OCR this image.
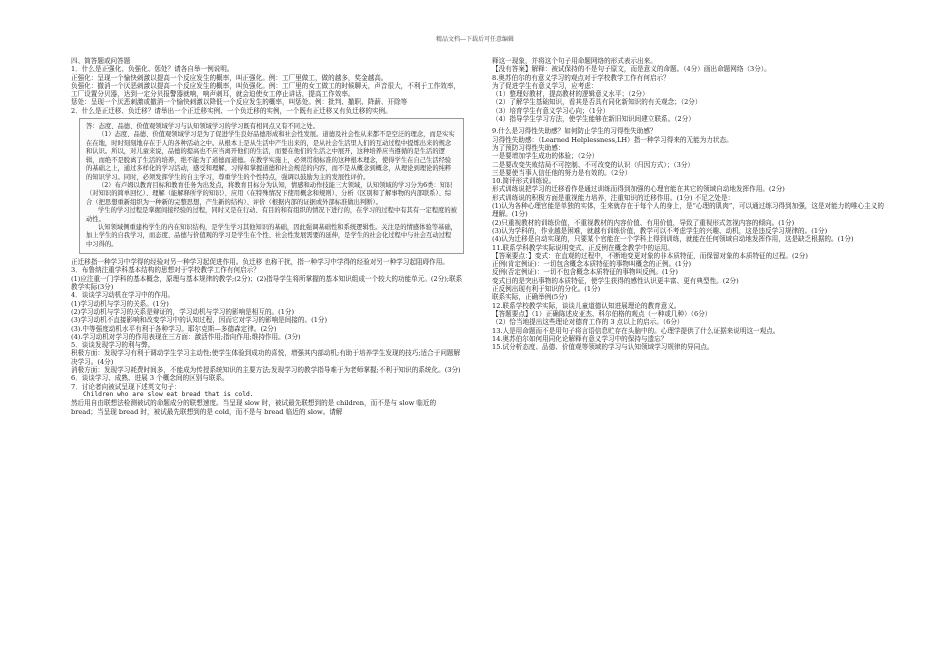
精品文档---下载后可任意编辑

四、简答题或问答题

1．什么是正强化、负强化、惩处？请各自举一例说明。

正强化：呈现一个愉快刺激以提高一个反应发生的概率，叫正强化。例：工厂里做工，做的越多，奖金越高。

负强化：撤消一个厌恶刺激以提高一个反应发生的概率，叫负强化。例：工厂里的女工做工的时候聊天，声音很大，不利于工作效率，工厂设置分贝器，达到一定分贝报警器就响，响声刺耳，就会迫使女工停止讲话，提高工作效率。

惩处：呈现一个厌恶刺激或撤消一个愉快刺激以降低一个反应发生的概率，叫惩处。例：批判、撤职、降薪、开除等

2．什么是正迁移、负迁移？请举出一个正迁移实例、一个负迁移的实例，一个既有正迁移又有负迁移的实例。

答：态度、品德、价值观领域学习与认知领域学习的学习既有相同点又有不同之处。

（1）态度、品德、价值观领域学习是为了促进学生良好品德形成和社会性发展。道德及社会性从来都不是空泛的理念，而是实实在在地，时时刻刻地存在于人的各种活动之中。从根本上是从生活中产生出来的，是从社会生活里人们的互动过程中提炼出来的规念和认识。所以，对儿童来说，品德的提高也不应当离开他们的生活，而要在他们的生活之中展开，这种培养应当遵循的是生活的逻辑，而绝不是脱离了生活的培养，绝不能为了道德而道德。在教学实施上，必须贯彻标准的这种根本理念，使得学生在自己生活经验的基础之上，通过多样化的学习活动，感受和理解、习得和掌握道德和社会规范的内容，而不是从概念到概念，从理论到理论的纯粹的知识学习。同时，必须发挥学生的自主学习，尊重学生的个性特点，强调以鼓励为主的发展性评价。

（2）布卢姆以教育目标和教育任务为出发点，将教育目标分为认知，情感和动作技能三大领域，认知领域的学习分为6类：知识（对知识的简单回忆）、理解（能解释所学的知识）、应用（在特殊情况下使用概念和规则）、分析（区别和了解事物的内部联系）、综合（把思想重新组织为一种新的完整思想，产生新的结构）、评价（根据内部的证据或外部标准做出判断）。

学生的学习过程是掌握间接经验的过程，同时又是在行动、有目的和有组织的情况下进行的，在学习的过程中有其有一定程度的被动性。

认知领域侧重建构学生的内在知识结构，是学生学习其他知识的基础，因此强调基础性和系统逻辑性。关注是的情感体验等基础，加上学生的自我学习，而态度、品德与价值观的学习是学生在个性、社会性发展需要的延伸，是学生的社会化过程中与社会互动过程中习得的。

正迁移指一种学习中学得的经验对另一种学习起促进作用。负迁移 也称干扰，指一种学习中学得的经验对另一种学习起阻碍作用。

3．布鲁纳注重学科基本结构的思想对于学校教学工作有何启示？

(1)应注重一门学科的基本概念，原理与基本规律的教学;(2分)；(2)指导学生将所掌握的基本知识组成一个较大的功能单元。(2分);联系教学实际(3分)

4．谈谈学习动机在学习中的作用。

(1)学习动机与学习的关系。(1分)

(2)学习动机与学习的关系是辩证的，学习动机与学习的影响是相互的。(1分)

(3)学习动机不直接影响和改变学习中的认知过程，因而它对学习的影响是间接的。(1分)

(3).中等强度动机水平有利于各种学习。耶尔克斯—多德森定律。(2分)

(4).学习动机对学习的作用表现在三方面：激活作用;指向作用;维持作用。(3分)

5．谈谈发现学习的利与弊。

积极方面：发现学习有利于调动学生学习主动性;使学生体验到成功的喜悦，增强其内部动机;有助于培养学生发现的技巧;适合于问题解决学习。(4分)

消极方面：发现学习耗费时间多，不能成为传授系统知识的主要方法;发现学习的教学指导难于为老师掌握;不利于知识的系统化。(3分)

6．谈谈学习、成熟、进展 3 个概念间的区别与联系。

7．讨论者向被试呈现下述英文句子：

Children who are slow eat bread that is cold.

然后用自由联想法检测被试的命题成分的联想速度。当呈现 slow 时，被试最先联想到的是 children，而不是与 slow 临近的 bread；当呈现 bread 时，被试最先联想到的是 cold，而不是与 bread 临近的 slow。请解

释这一现象，并将这个句子用命题网络的形式表示出来。

【没有答案】解释：被试保持的不是句子原文，而是意义的命题。（4分）画出命题网络（3分）。

8.奥苏伯尔的有意义学习的观点对于学校教学工作有何启示？

为了促进学生有意义学习，应考虑：

（1）整理好教材，提高教材的逻辑意义水平；（2分）

（2）了解学生基础知识，看其是否具有同化新知识的有关观念；（2分）

（3）培育学生有意义学习心向；（1分）

（4）指导学生学习方法，使学生能够在新旧知识间建立联系。（2分）

9.什么是习得性失助感？如何防止学生的习得性失助感？

习得性失助感：（Learned Helplessness,LH）指一种学习得来的无能为力状态。

为了预防习得性失助感：

一是要增加学生成功的体验；（2分）

二是要改变失败结局不可控制、不可改变的认识（归因方式）；（3分）

三是要使当事人信任他的努力是有效的。（2分）

10.简评形式训练说。

形式训练说把学习的迁移看作是通过训练而得到加强的心理官能在其它的领域自动地发挥作用。(2分)

形式训练说的积极方面是重视能力培养，注重知识的迁移作用。(1分) 不足之处是：

(1)认为各种心理官能是单独的实体，生来就存在于每个人的身上，是“心理的肌肉”，可以通过练习得到加强，这是对能力的唯心主义的理解。(1分)

(2)只重视教材的训练价值，不重视教材的内容价值、有用价值，导致了重视形式忽视内容的倾向。(1分)

(3)认为学科的，作业越是困难，就越有训练价值，教学可以不考虑学生的兴趣、动机，这是违反学习规律的。(1分)

(4)认为迁移是自动实现的，只要某个官能在一个学科上得到训练，就能在任何领域自动地发挥作用，这是缺乏根据的。(1分)

11.联系学科教学实际说明变式、正反例在概念教学中的运用。

【答案要点：】变式：在直观的过程中，不断地变更对象的非本质特征，而保留对象的本质特征的过程。(2分)

正例(肯定例证)：一切包含概念本质特征的事物叫概念的正例。(1分)

反例(否定例证)：一切不包含概念本质特征的事物叫反例。(1分)

变式目的是突出事物的本质特征，使学生获得的感性认识更丰富、更有典型性。(2分)

正反例出现有利于知识的分化。(1分)

联系实际，正确举例(5分)

12.联系学校教学实际，谈谈儿童道德认知进展理论的教育意义。

【答题要点】（1）正确陈述皮亚杰、科尔伯格的观点（一种或几种）（6分）

（2）恰当地提出这些理论对德育工作的 3 点以上的启示。（6分）

13.人是用命题而不是用句子将言语信息贮存在头脑中的。心理学提供了什么证据来说明这一观点。

14.奥苏伯尔如何用同化论解释有意义学习中的保持与遗忘？

15.试分析态度、品德、价值观等领域的学习与认知领域学习规律的异同点。
